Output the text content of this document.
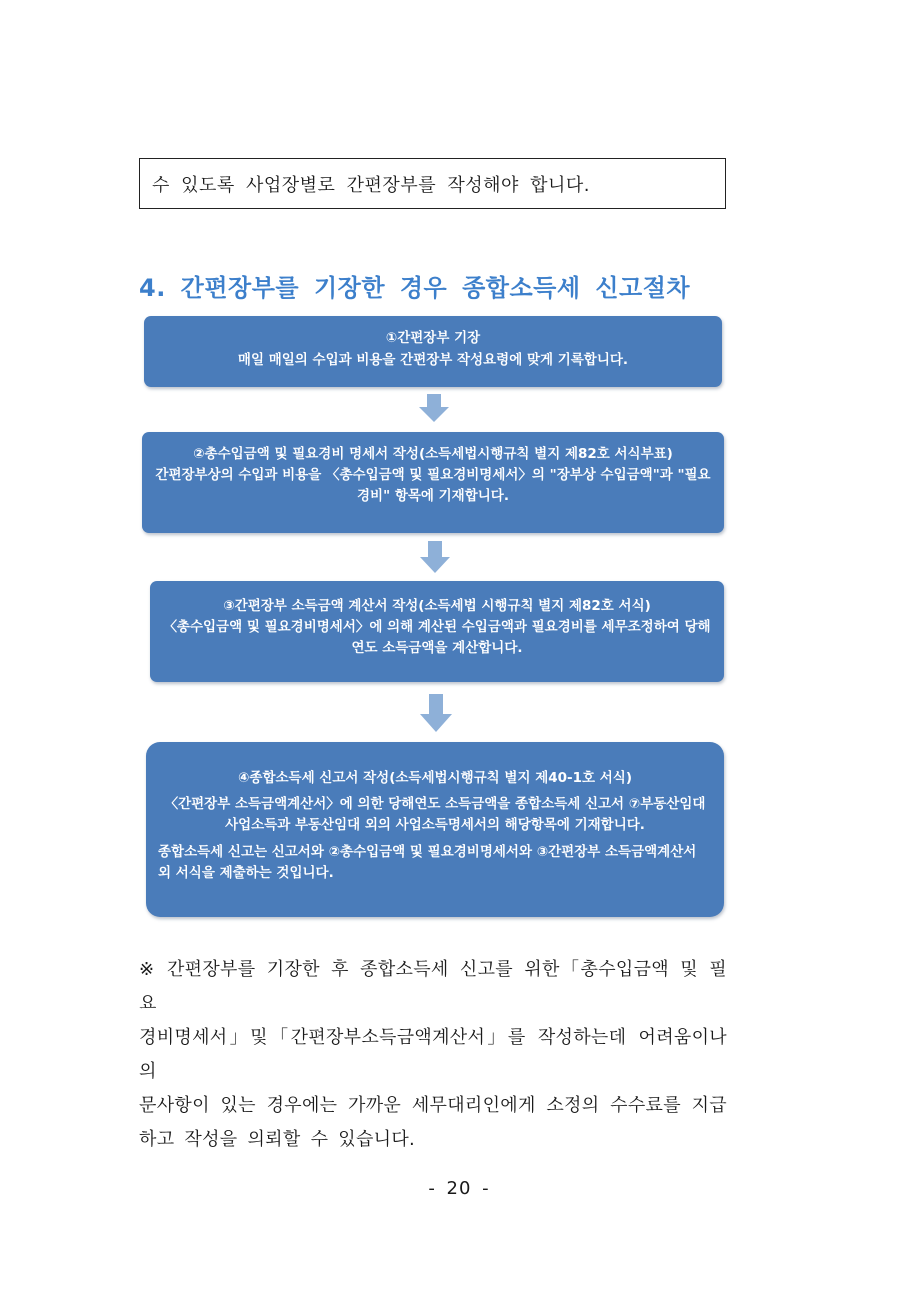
수 있도록 사업장별로 간편장부를 작성해야 합니다.
4. 간편장부를 기장한 경우 종합소득세 신고절차
①간편장부 기장
매일 매일의 수입과 비용을 간편장부 작성요령에 맞게 기록합니다.
②총수입금액 및 필요경비 명세서 작성(소득세법시행규칙 별지 제82호 서식부표)
간편장부상의 수입과 비용을 〈총수입금액 및 필요경비명세서〉의 "장부상 수입금액"과 "필요경비" 항목에 기재합니다.
③간편장부 소득금액 계산서 작성(소득세법 시행규칙 별지 제82호 서식)
〈총수입금액 및 필요경비명세서〉에 의해 계산된 수입금액과 필요경비를 세무조정하여 당해연도 소득금액을 계산합니다.
④종합소득세 신고서 작성(소득세법시행규칙 별지 제40-1호 서식)
〈간편장부 소득금액계산서〉에 의한 당해연도 소득금액을 종합소득세 신고서 ⑦부동산임대 사업소득과 부동산임대 외의 사업소득명세서의 해당항목에 기재합니다.
종합소득세 신고는 신고서와 ②총수입금액 및 필요경비명세서와 ③간편장부 소득금액계산서 외 서식을 제출하는 것입니다.
※ 간편장부를 기장한 후 종합소득세 신고를 위한「총수입금액 및 필요
경비명세서」및「간편장부소득금액계산서」를 작성하는데 어려움이나 의
문사항이 있는 경우에는 가까운 세무대리인에게 소정의 수수료를 지급
하고 작성을 의뢰할 수 있습니다.
- 20 -
